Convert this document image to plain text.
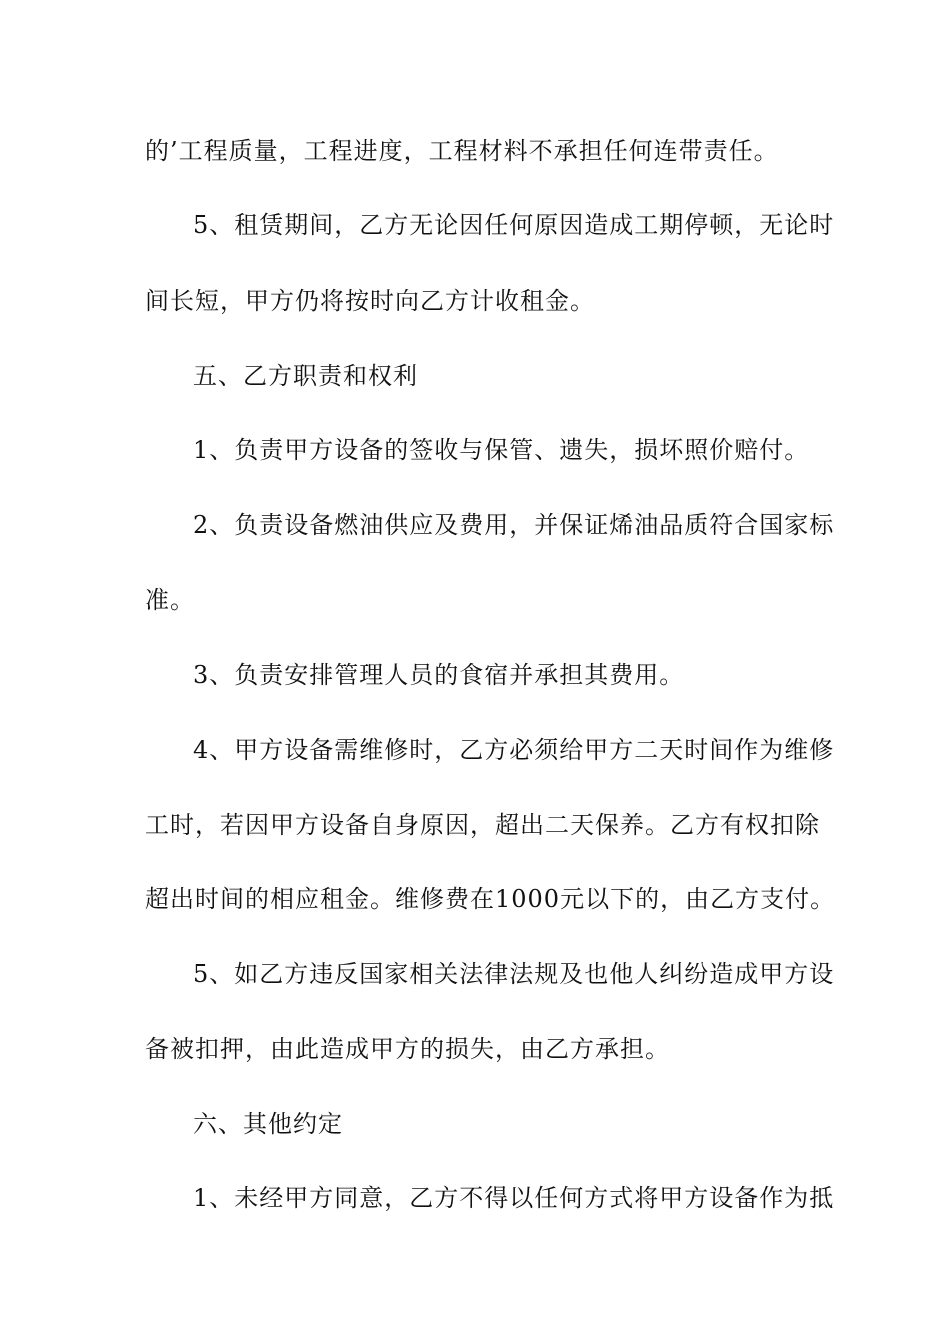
的’工程质量，工程进度，工程材料不承担任何连带责任。
5、租赁期间，乙方无论因任何原因造成工期停顿，无论时
间长短，甲方仍将按时向乙方计收租金。
五、乙方职责和权利
1、负责甲方设备的签收与保管、遗失，损坏照价赔付。
2、负责设备燃油供应及费用，并保证烯油品质符合国家标
准。
3、负责安排管理人员的食宿并承担其费用。
4、甲方设备需维修时，乙方必须给甲方二天时间作为维修
工时，若因甲方设备自身原因，超出二天保养。乙方有权扣除
超出时间的相应租金。维修费在1000元以下的，由乙方支付。
5、如乙方违反国家相关法律法规及也他人纠纷造成甲方设
备被扣押，由此造成甲方的损失，由乙方承担。
六、其他约定
1、未经甲方同意，乙方不得以任何方式将甲方设备作为抵
